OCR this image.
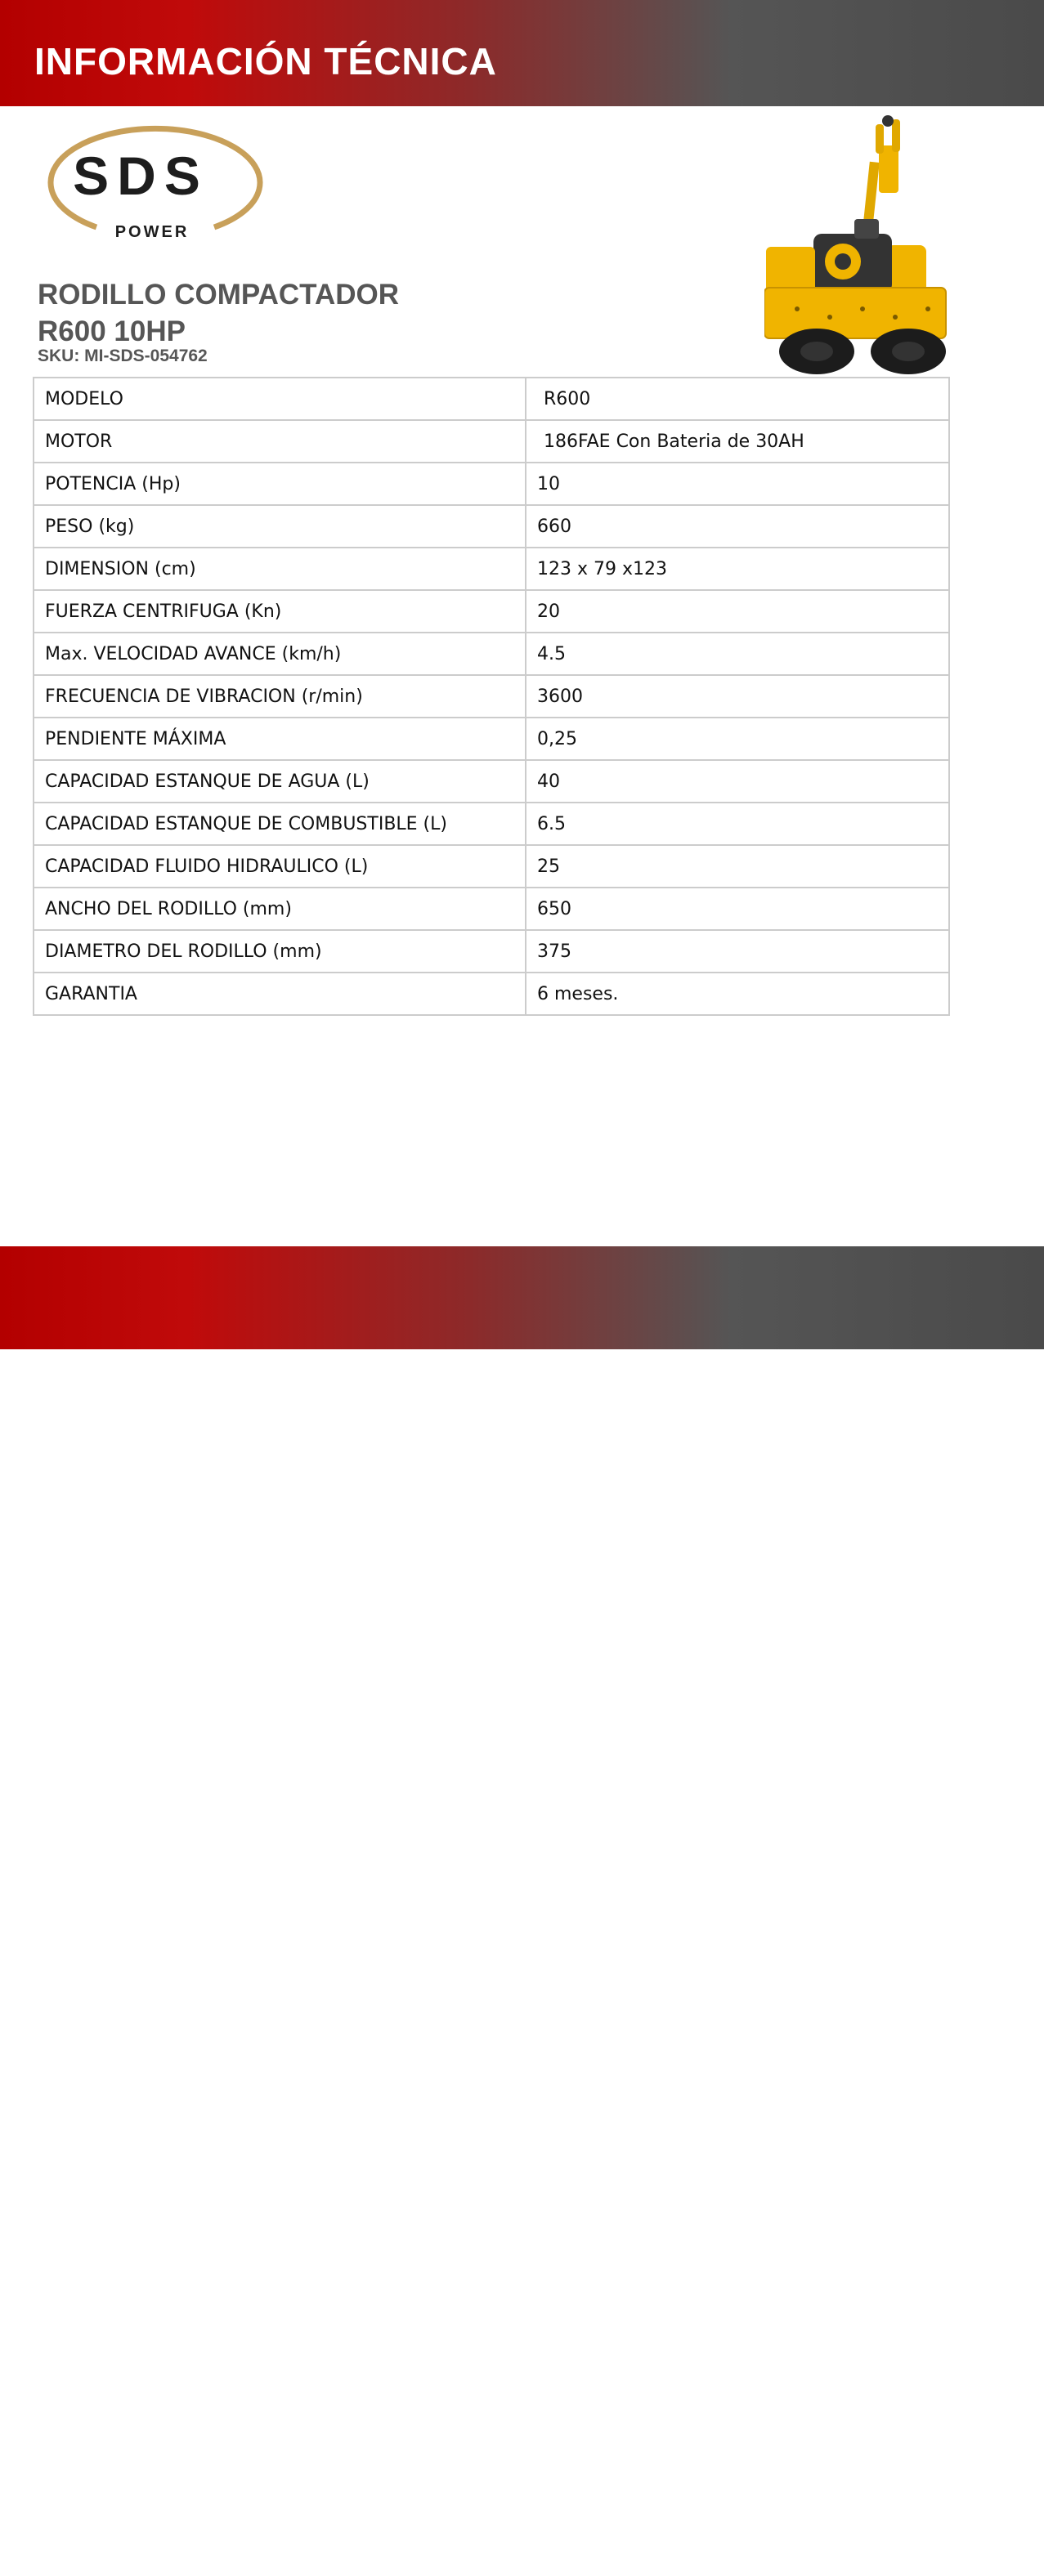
INFORMACIÓN TÉCNICA
SDS
POWER
RODILLO COMPACTADOR
R600 10HP
SKU: MI-SDS-054762
MODELO	R600
MOTOR	186FAE Con Bateria de 30AH
POTENCIA (Hp)	10
PESO (kg)	660
DIMENSION (cm)	123 x 79 x123
FUERZA CENTRIFUGA (Kn)	20
Max. VELOCIDAD AVANCE (km/h)	4.5
FRECUENCIA DE VIBRACION (r/min)	3600
PENDIENTE MÁXIMA	0,25
CAPACIDAD ESTANQUE DE AGUA (L)	40
CAPACIDAD ESTANQUE DE COMBUSTIBLE (L)	6.5
CAPACIDAD FLUIDO HIDRAULICO (L)	25
ANCHO DEL RODILLO (mm)	650
DIAMETRO DEL RODILLO (mm)	375
GARANTIA	6 meses.
MARSELLA
FERRETERIAMARSELLA.CL
